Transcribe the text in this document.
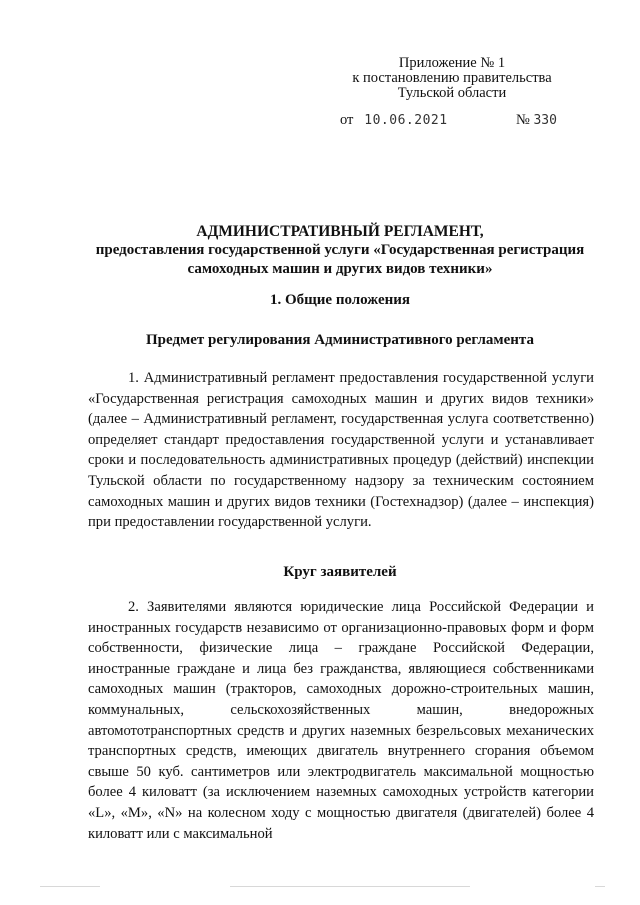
Приложение № 1
к постановлению правительства
Тульской области
от 10.06.2021	№ 330
АДМИНИСТРАТИВНЫЙ РЕГЛАМЕНТ,
предоставления государственной услуги «Государственная регистрация
самоходных машин и других видов техники»
1. Общие положения
Предмет регулирования Административного регламента

1. Административный регламент предоставления государственной услуги «Государственная регистрация самоходных машин и других видов техники» (далее – Административный регламент, государственная услуга соответственно) определяет стандарт предоставления государственной услуги и устанавливает сроки и последовательность административных процедур (действий) инспекции Тульской области по государственному надзору за техническим состоянием самоходных машин и других видов техники (Гостехнадзор) (далее – инспекция) при предоставлении государственной услуги.

Круг заявителей

2. Заявителями являются юридические лица Российской Федерации и иностранных государств независимо от организационно-правовых форм и форм собственности, физические лица – граждане Российской Федерации, иностранные граждане и лица без гражданства, являющиеся собственниками самоходных машин (тракторов, самоходных дорожно-строительных машин, коммунальных, сельскохозяйственных машин, внедорожных автомототранспортных средств и других наземных безрельсовых механических транспортных средств, имеющих двигатель внутреннего сгорания объемом свыше 50 куб. сантиметров или электродвигатель максимальной мощностью более 4 киловатт (за исключением наземных самоходных устройств категории «L», «M», «N» на колесном ходу с мощностью двигателя (двигателей) более 4 киловатт или с максимальной
